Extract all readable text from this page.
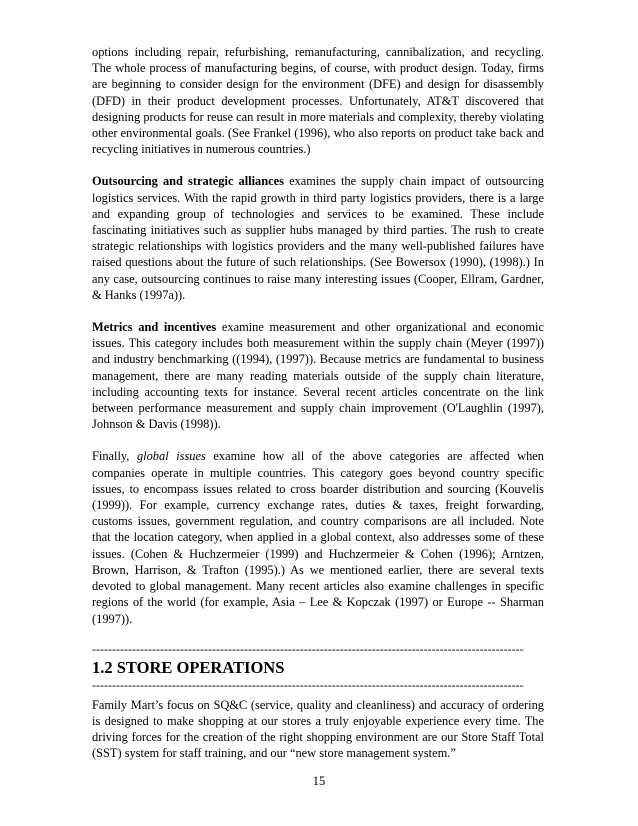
options including repair, refurbishing, remanufacturing, cannibalization, and recycling. The whole process of manufacturing begins, of course, with product design. Today, firms are beginning to consider design for the environment (DFE) and design for disassembly (DFD) in their product development processes. Unfortunately, AT&T discovered that designing products for reuse can result in more materials and complexity, thereby violating other environmental goals. (See Frankel (1996), who also reports on product take back and recycling initiatives in numerous countries.)

Outsourcing and strategic alliances examines the supply chain impact of outsourcing logistics services. With the rapid growth in third party logistics providers, there is a large and expanding group of technologies and services to be examined. These include fascinating initiatives such as supplier hubs managed by third parties. The rush to create strategic relationships with logistics providers and the many well-published failures have raised questions about the future of such relationships. (See Bowersox (1990), (1998).) In any case, outsourcing continues to raise many interesting issues (Cooper, Ellram, Gardner, & Hanks (1997a)).

Metrics and incentives examine measurement and other organizational and economic issues. This category includes both measurement within the supply chain (Meyer (1997)) and industry benchmarking ((1994), (1997)). Because metrics are fundamental to business management, there are many reading materials outside of the supply chain literature, including accounting texts for instance. Several recent articles concentrate on the link between performance measurement and supply chain improvement (O'Laughlin (1997), Johnson & Davis (1998)).

Finally, global issues examine how all of the above categories are affected when companies operate in multiple countries. This category goes beyond country specific issues, to encompass issues related to cross boarder distribution and sourcing (Kouvelis (1999)). For example, currency exchange rates, duties & taxes, freight forwarding, customs issues, government regulation, and country comparisons are all included. Note that the location category, when applied in a global context, also addresses some of these issues. (Cohen & Huchzermeier (1999) and Huchzermeier & Cohen (1996); Arntzen, Brown, Harrison, & Trafton (1995).) As we mentioned earlier, there are several texts devoted to global management. Many recent articles also examine challenges in specific regions of the world (for example, Asia – Lee & Kopczak (1997) or Europe -- Sharman (1997)).

------------------------------------------------------------------------------------------------------------
1.2 STORE OPERATIONS
------------------------------------------------------------------------------------------------------------

Family Mart’s focus on SQ&C (service, quality and cleanliness) and accuracy of ordering is designed to make shopping at our stores a truly enjoyable experience every time. The driving forces for the creation of the right shopping environment are our Store Staff Total (SST) system for staff training, and our “new store management system.”

15
